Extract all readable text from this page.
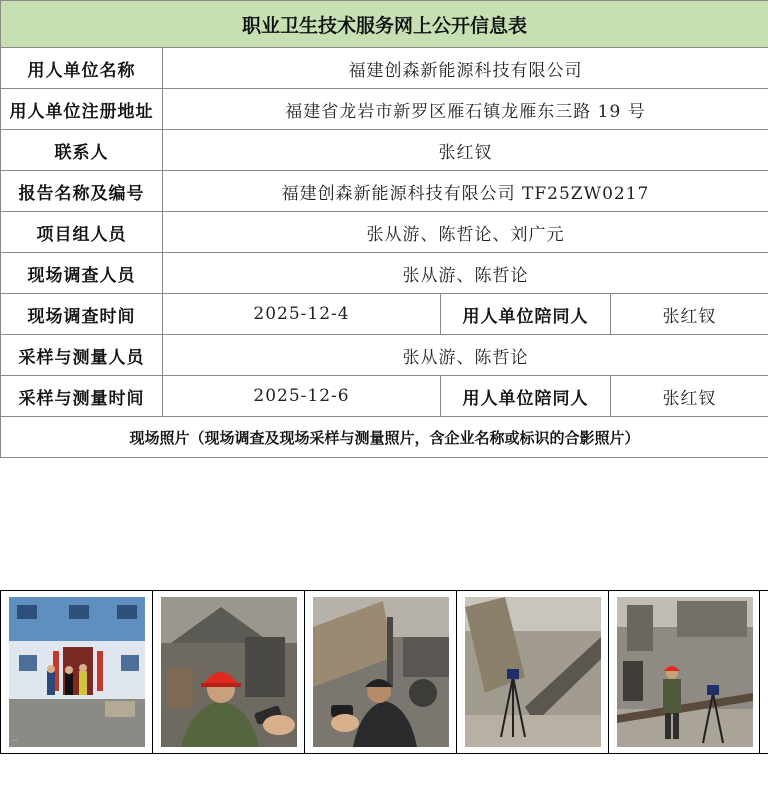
职业卫生技术服务网上公开信息表			
用人单位名称	福建创森新能源科技有限公司		
用人单位注册地址	福建省龙岩市新罗区雁石镇龙雁东三路 19 号		
联系人	张红钗		
报告名称及编号	福建创森新能源科技有限公司 TF25ZW0217		
项目组人员	张从游、陈哲论、刘广元		
现场调查人员	张从游、陈哲论		
现场调查时间	2025-12-4	用人单位陪同人	张红钗
采样与测量人员	张从游、陈哲论		
采样与测量时间	2025-12-6	用人单位陪同人	张红钗
现场照片（现场调查及现场采样与测量照片，含企业名称或标识的合影照片）			
···
